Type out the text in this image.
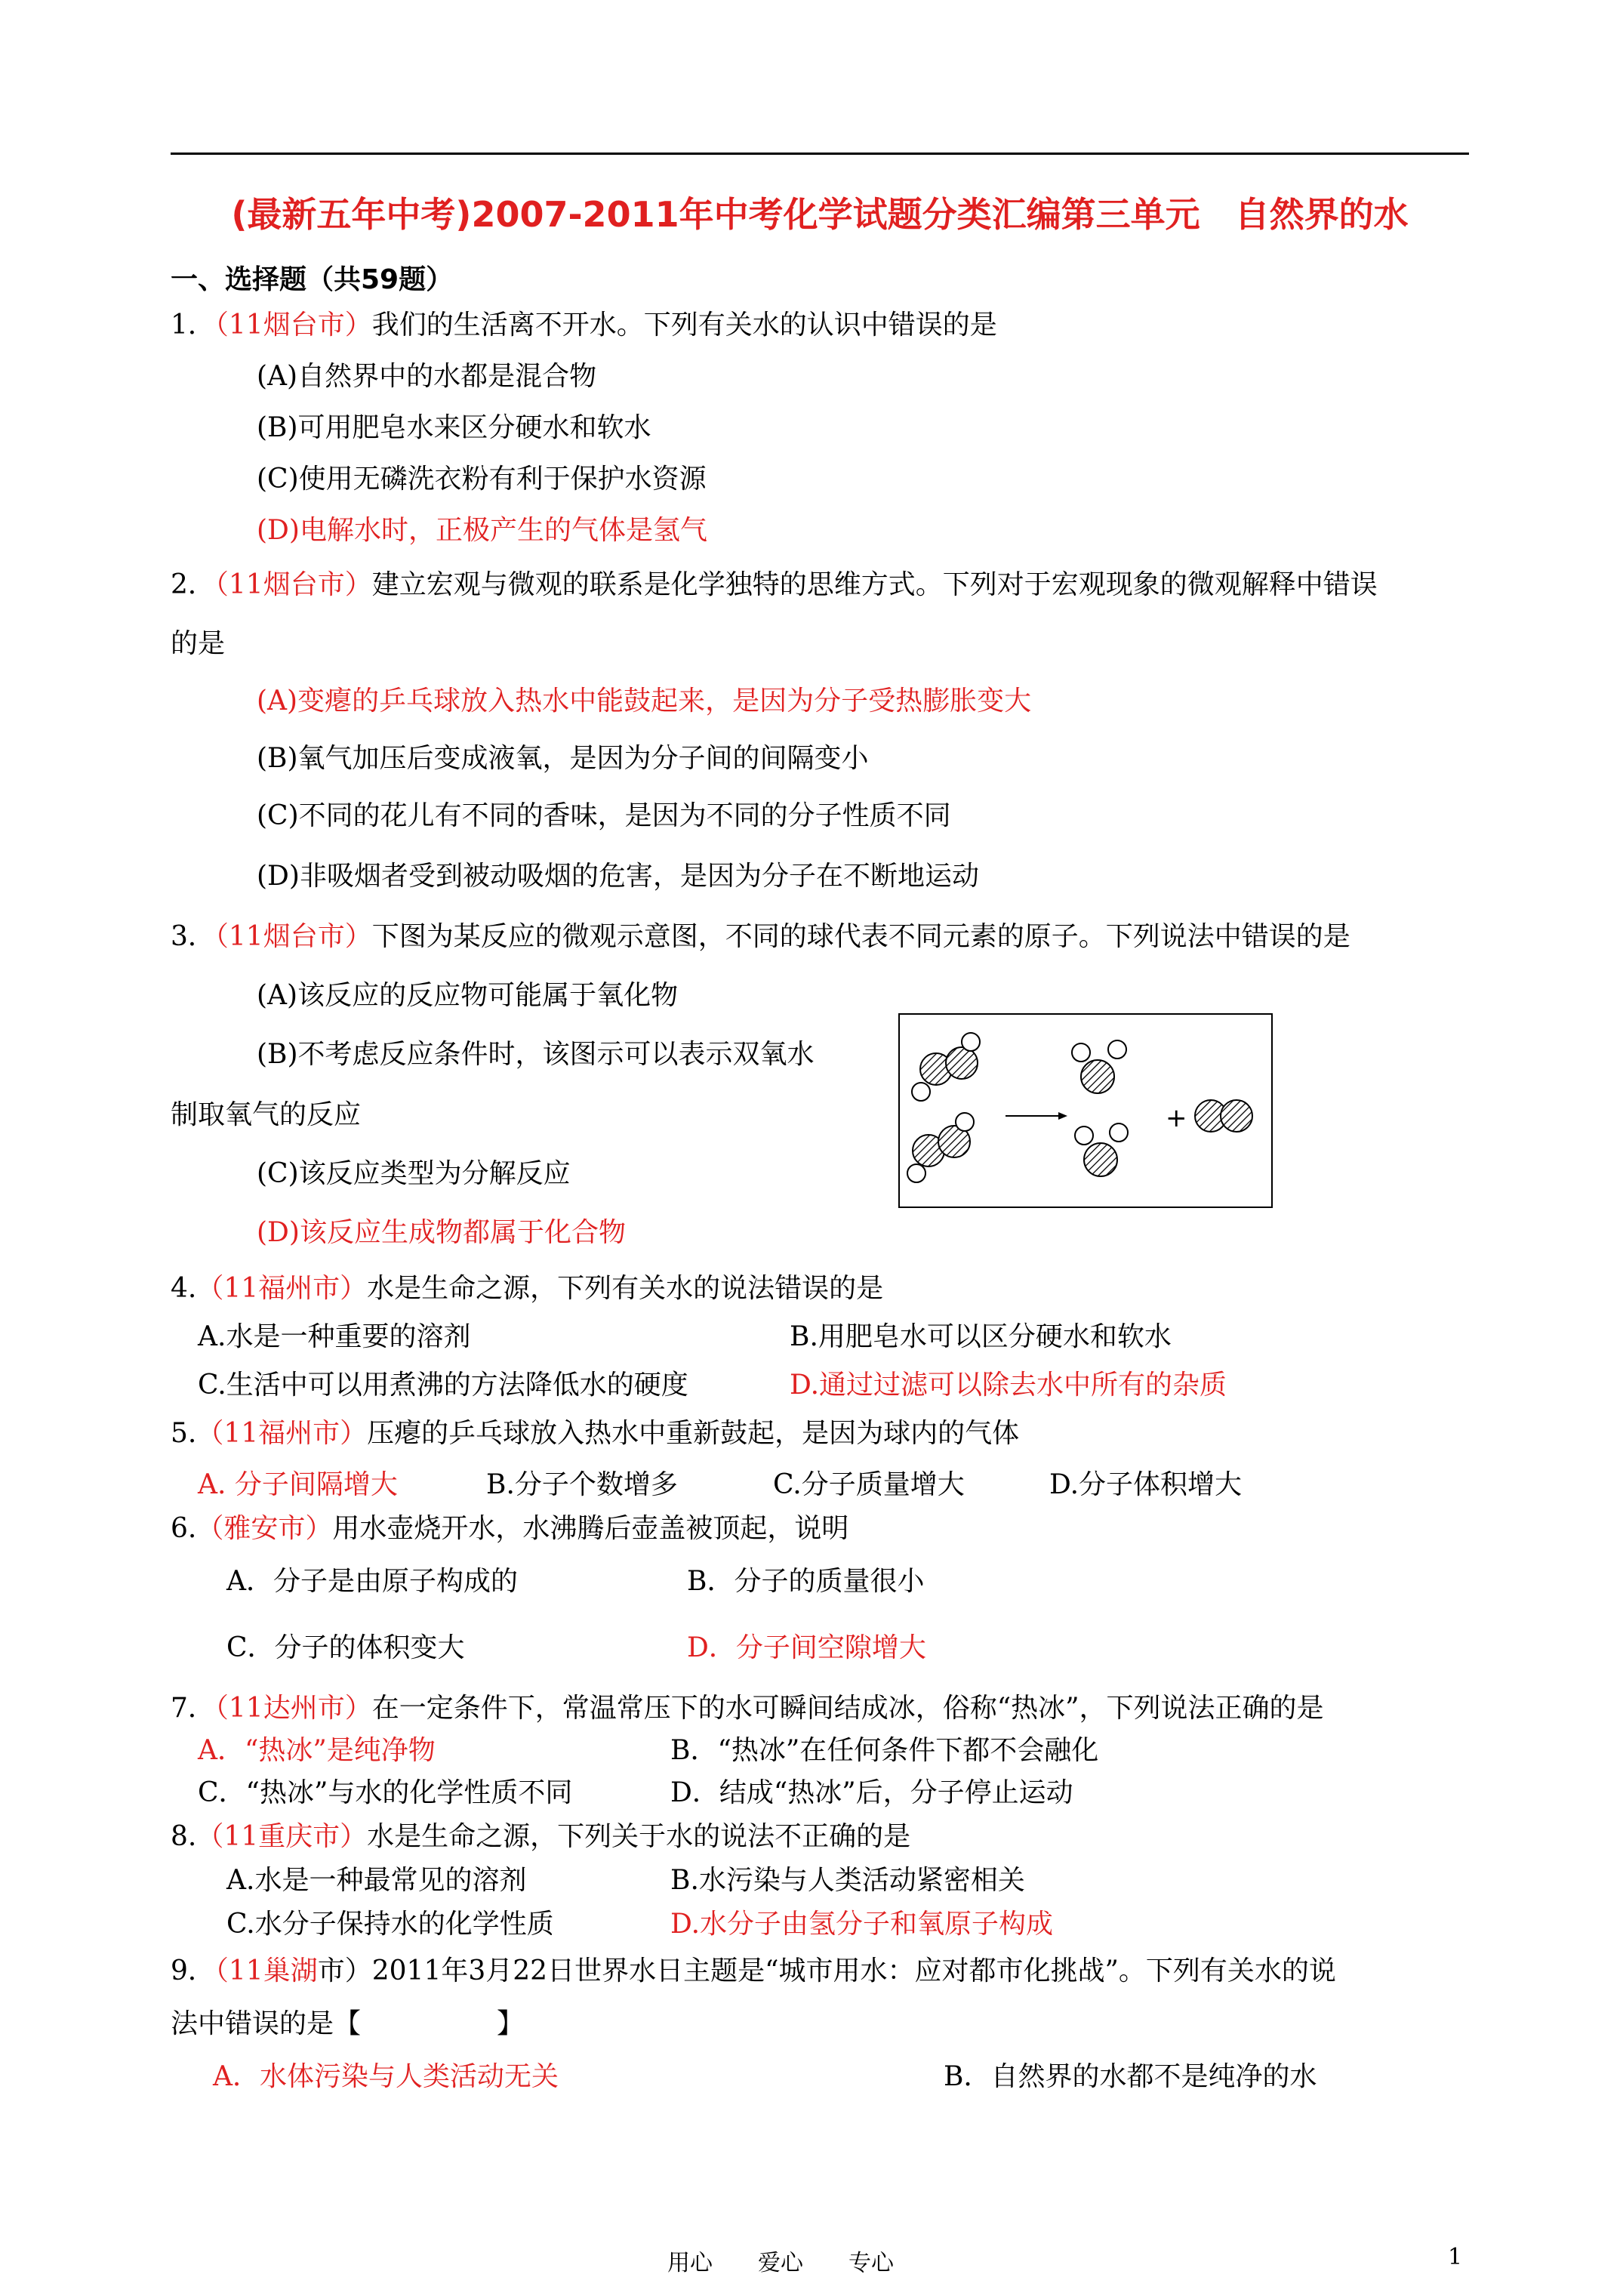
(最新五年中考)2007-2011年中考化学试题分类汇编第三单元　自然界的水
一、选择题（共59题）
1．（11烟台市）我们的生活离不开水。下列有关水的认识中错误的是
(A)自然界中的水都是混合物
(B)可用肥皂水来区分硬水和软水
(C)使用无磷洗衣粉有利于保护水资源
(D)电解水时，正极产生的气体是氢气
2．（11烟台市）建立宏观与微观的联系是化学独特的思维方式。下列对于宏观现象的微观解释中错误
的是
(A)变瘪的乒乓球放入热水中能鼓起来，是因为分子受热膨胀变大
(B)氧气加压后变成液氧，是因为分子间的间隔变小
(C)不同的花儿有不同的香味，是因为不同的分子性质不同
(D)非吸烟者受到被动吸烟的危害，是因为分子在不断地运动
3．（11烟台市）下图为某反应的微观示意图，不同的球代表不同元素的原子。下列说法中错误的是
(A)该反应的反应物可能属于氧化物
(B)不考虑反应条件时，该图示可以表示双氧水
制取氧气的反应
(C)该反应类型为分解反应
(D)该反应生成物都属于化合物
+
4.（11福州市）水是生命之源，下列有关水的说法错误的是
A.水是一种重要的溶剂	B.用肥皂水可以区分硬水和软水
C.生活中可以用煮沸的方法降低水的硬度	D.通过过滤可以除去水中所有的杂质
5.（11福州市）压瘪的乒乓球放入热水中重新鼓起，是因为球内的气体
A. 分子间隔增大	B.分子个数增多	C.分子质量增大	D.分子体积增大
6.（雅安市）用水壶烧开水，水沸腾后壶盖被顶起，说明
A．分子是由原子构成的	B．分子的质量很小
C．分子的体积变大	D．分子间空隙增大
7．（11达州市）在一定条件下，常温常压下的水可瞬间结成冰，俗称“热冰”，下列说法正确的是
A．“热冰”是纯净物	B．“热冰”在任何条件下都不会融化
C．“热冰”与水的化学性质不同	D．结成“热冰”后，分子停止运动
8.（11重庆市）水是生命之源，下列关于水的说法不正确的是
A.水是一种最常见的溶剂	B.水污染与人类活动紧密相关
C.水分子保持水的化学性质	D.水分子由氢分子和氧原子构成
9．（11巢湖市）2011年3月22日世界水日主题是“城市用水：应对都市化挑战”。下列有关水的说
法中错误的是【　　　　　】
A．水体污染与人类活动无关	B．自然界的水都不是纯净的水
用心　　爱心　　专心	1
